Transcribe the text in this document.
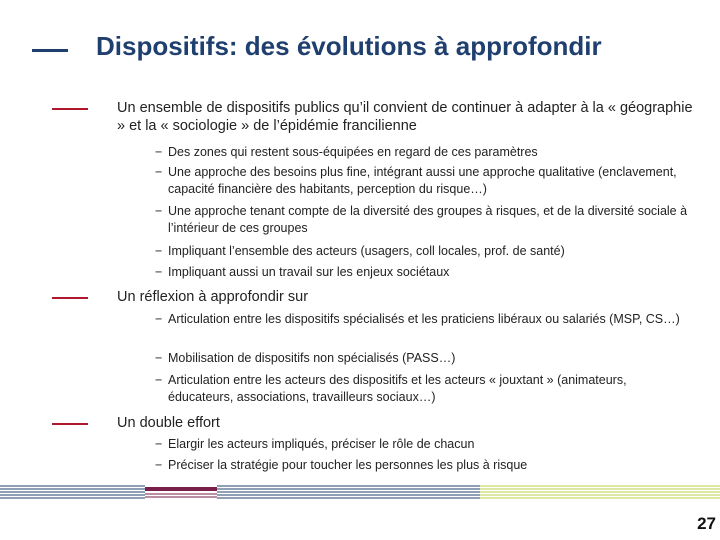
Dispositifs: des évolutions à approfondir
Un ensemble de dispositifs publics qu’il convient de continuer à adapter à la « géographie » et la « sociologie » de l’épidémie francilienne
− Des zones qui restent sous-équipées en regard de ces paramètres
− Une approche des besoins plus fine, intégrant aussi une approche qualitative (enclavement, capacité financière des habitants, perception du risque…)
− Une approche tenant compte de la diversité des groupes à risques, et de la diversité sociale à l’intérieur de ces groupes
− Impliquant l’ensemble des acteurs (usagers, coll locales, prof. de santé)
− Impliquant aussi un travail sur les enjeux sociétaux
Un réflexion à approfondir sur
− Articulation entre les dispositifs spécialisés et les praticiens libéraux ou salariés (MSP, CS…)
− Mobilisation de dispositifs non spécialisés (PASS…)
− Articulation entre les acteurs des dispositifs et les acteurs « jouxtant » (animateurs, éducateurs, associations, travailleurs sociaux…)
Un double effort
− Elargir les acteurs impliqués, préciser le rôle de chacun
− Préciser la stratégie pour toucher les personnes les plus à risque
27
